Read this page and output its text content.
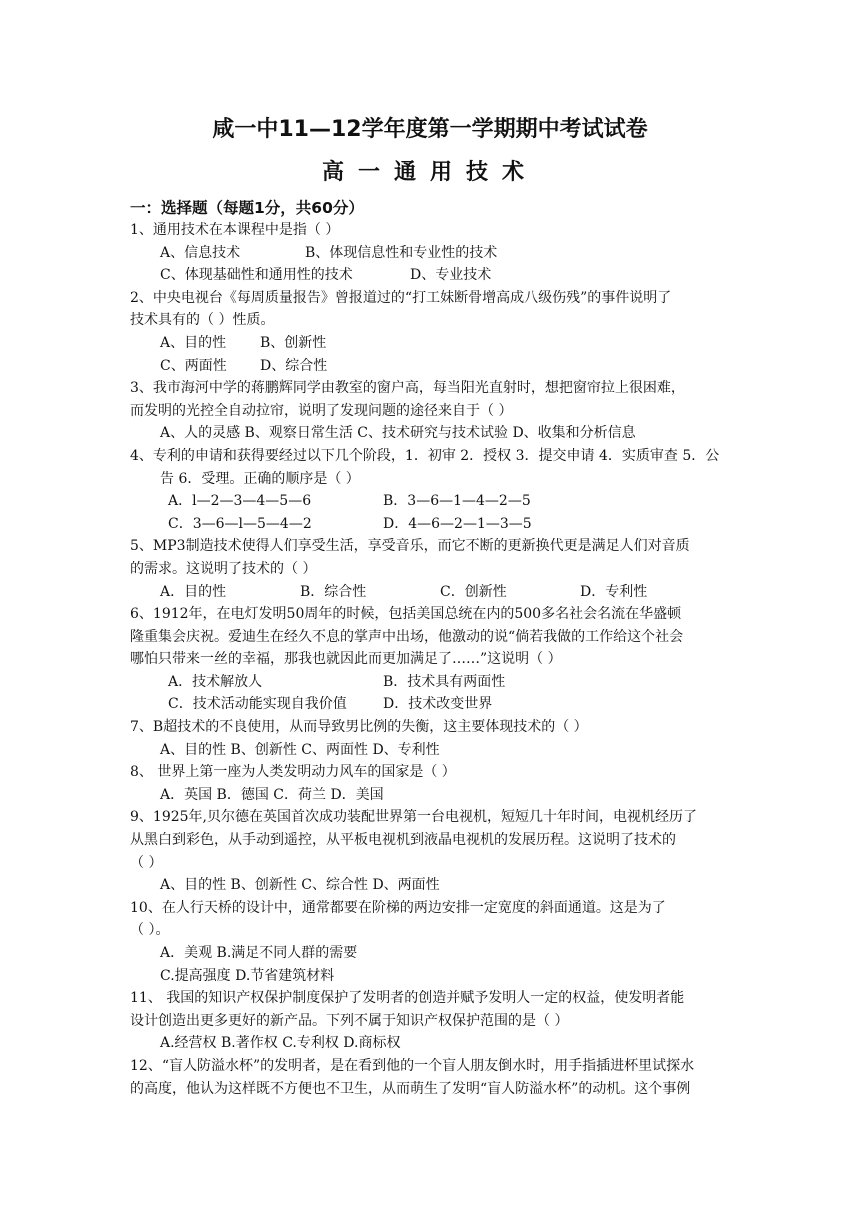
咸一中11—12学年度第一学期期中考试试卷
高一通用技术
一：选择题（每题1分，共60分）
1、通用技术在本课程中是指（ ）
A、信息技术	B、体现信息性和专业性的技术
C、体现基础性和通用性的技术	D、专业技术
2、中央电视台《每周质量报告》曾报道过的“打工妹断骨增高成八级伤残”的事件说明了
技术具有的（ ）性质。
A、目的性 B、创新性
C、两面性 D、综合性
3、我市海河中学的蒋鹏辉同学由教室的窗户高，每当阳光直射时，想把窗帘拉上很困难，
而发明的光控全自动拉帘，说明了发现问题的途径来自于（ ）
A、人的灵感 B、观察日常生活 C、技术研究与技术试验 D、收集和分析信息
4、专利的申请和获得要经过以下几个阶段，1．初审 2．授权 3．提交申请 4．实质审查 5．公
告 6．受理。正确的顺序是（ ）
A．l—2—3—4—5—6	B．3—6—1—4—2—5
C．3—6—l—5—4—2	D．4—6—2—1—3—5
5、MP3制造技术使得人们享受生活，享受音乐，而它不断的更新换代更是满足人们对音质
的需求。这说明了技术的（ ）
A．目的性	B．综合性	C．创新性	D．专利性
6、1912年，在电灯发明50周年的时候，包括美国总统在内的500多名社会名流在华盛顿
隆重集会庆祝。爱迪生在经久不息的掌声中出场，他激动的说“倘若我做的工作给这个社会
哪怕只带来一丝的幸福，那我也就因此而更加满足了……”这说明（ ）
A．技术解放人	B．技术具有两面性
C．技术活动能实现自我价值	D．技术改变世界
7、B超技术的不良使用，从而导致男比例的失衡，这主要体现技术的（ ）
A、目的性 B、创新性 C、两面性 D、专利性
8、 世界上第一座为人类发明动力风车的国家是（ ）
A．英国 B．德国 C．荷兰 D．美国
9、1925年,贝尔德在英国首次成功装配世界第一台电视机，短短几十年时间，电视机经历了
从黑白到彩色，从手动到遥控，从平板电视机到液晶电视机的发展历程。这说明了技术的
（ ）
A、目的性 B、创新性 C、综合性 D、两面性
10、在人行天桥的设计中，通常都要在阶梯的两边安排一定宽度的斜面通道。这是为了
（ ）。
A．美观 B.满足不同人群的需要
C.提高强度 D.节省建筑材料
11、 我国的知识产权保护制度保护了发明者的创造并赋予发明人一定的权益，使发明者能
设计创造出更多更好的新产品。下列不属于知识产权保护范围的是（ ）
A.经营权 B.著作权 C.专利权 D.商标权
12、“盲人防溢水杯”的发明者，是在看到他的一个盲人朋友倒水时，用手指插进杯里试探水
的高度，他认为这样既不方便也不卫生，从而萌生了发明“盲人防溢水杯”的动机。这个事例
